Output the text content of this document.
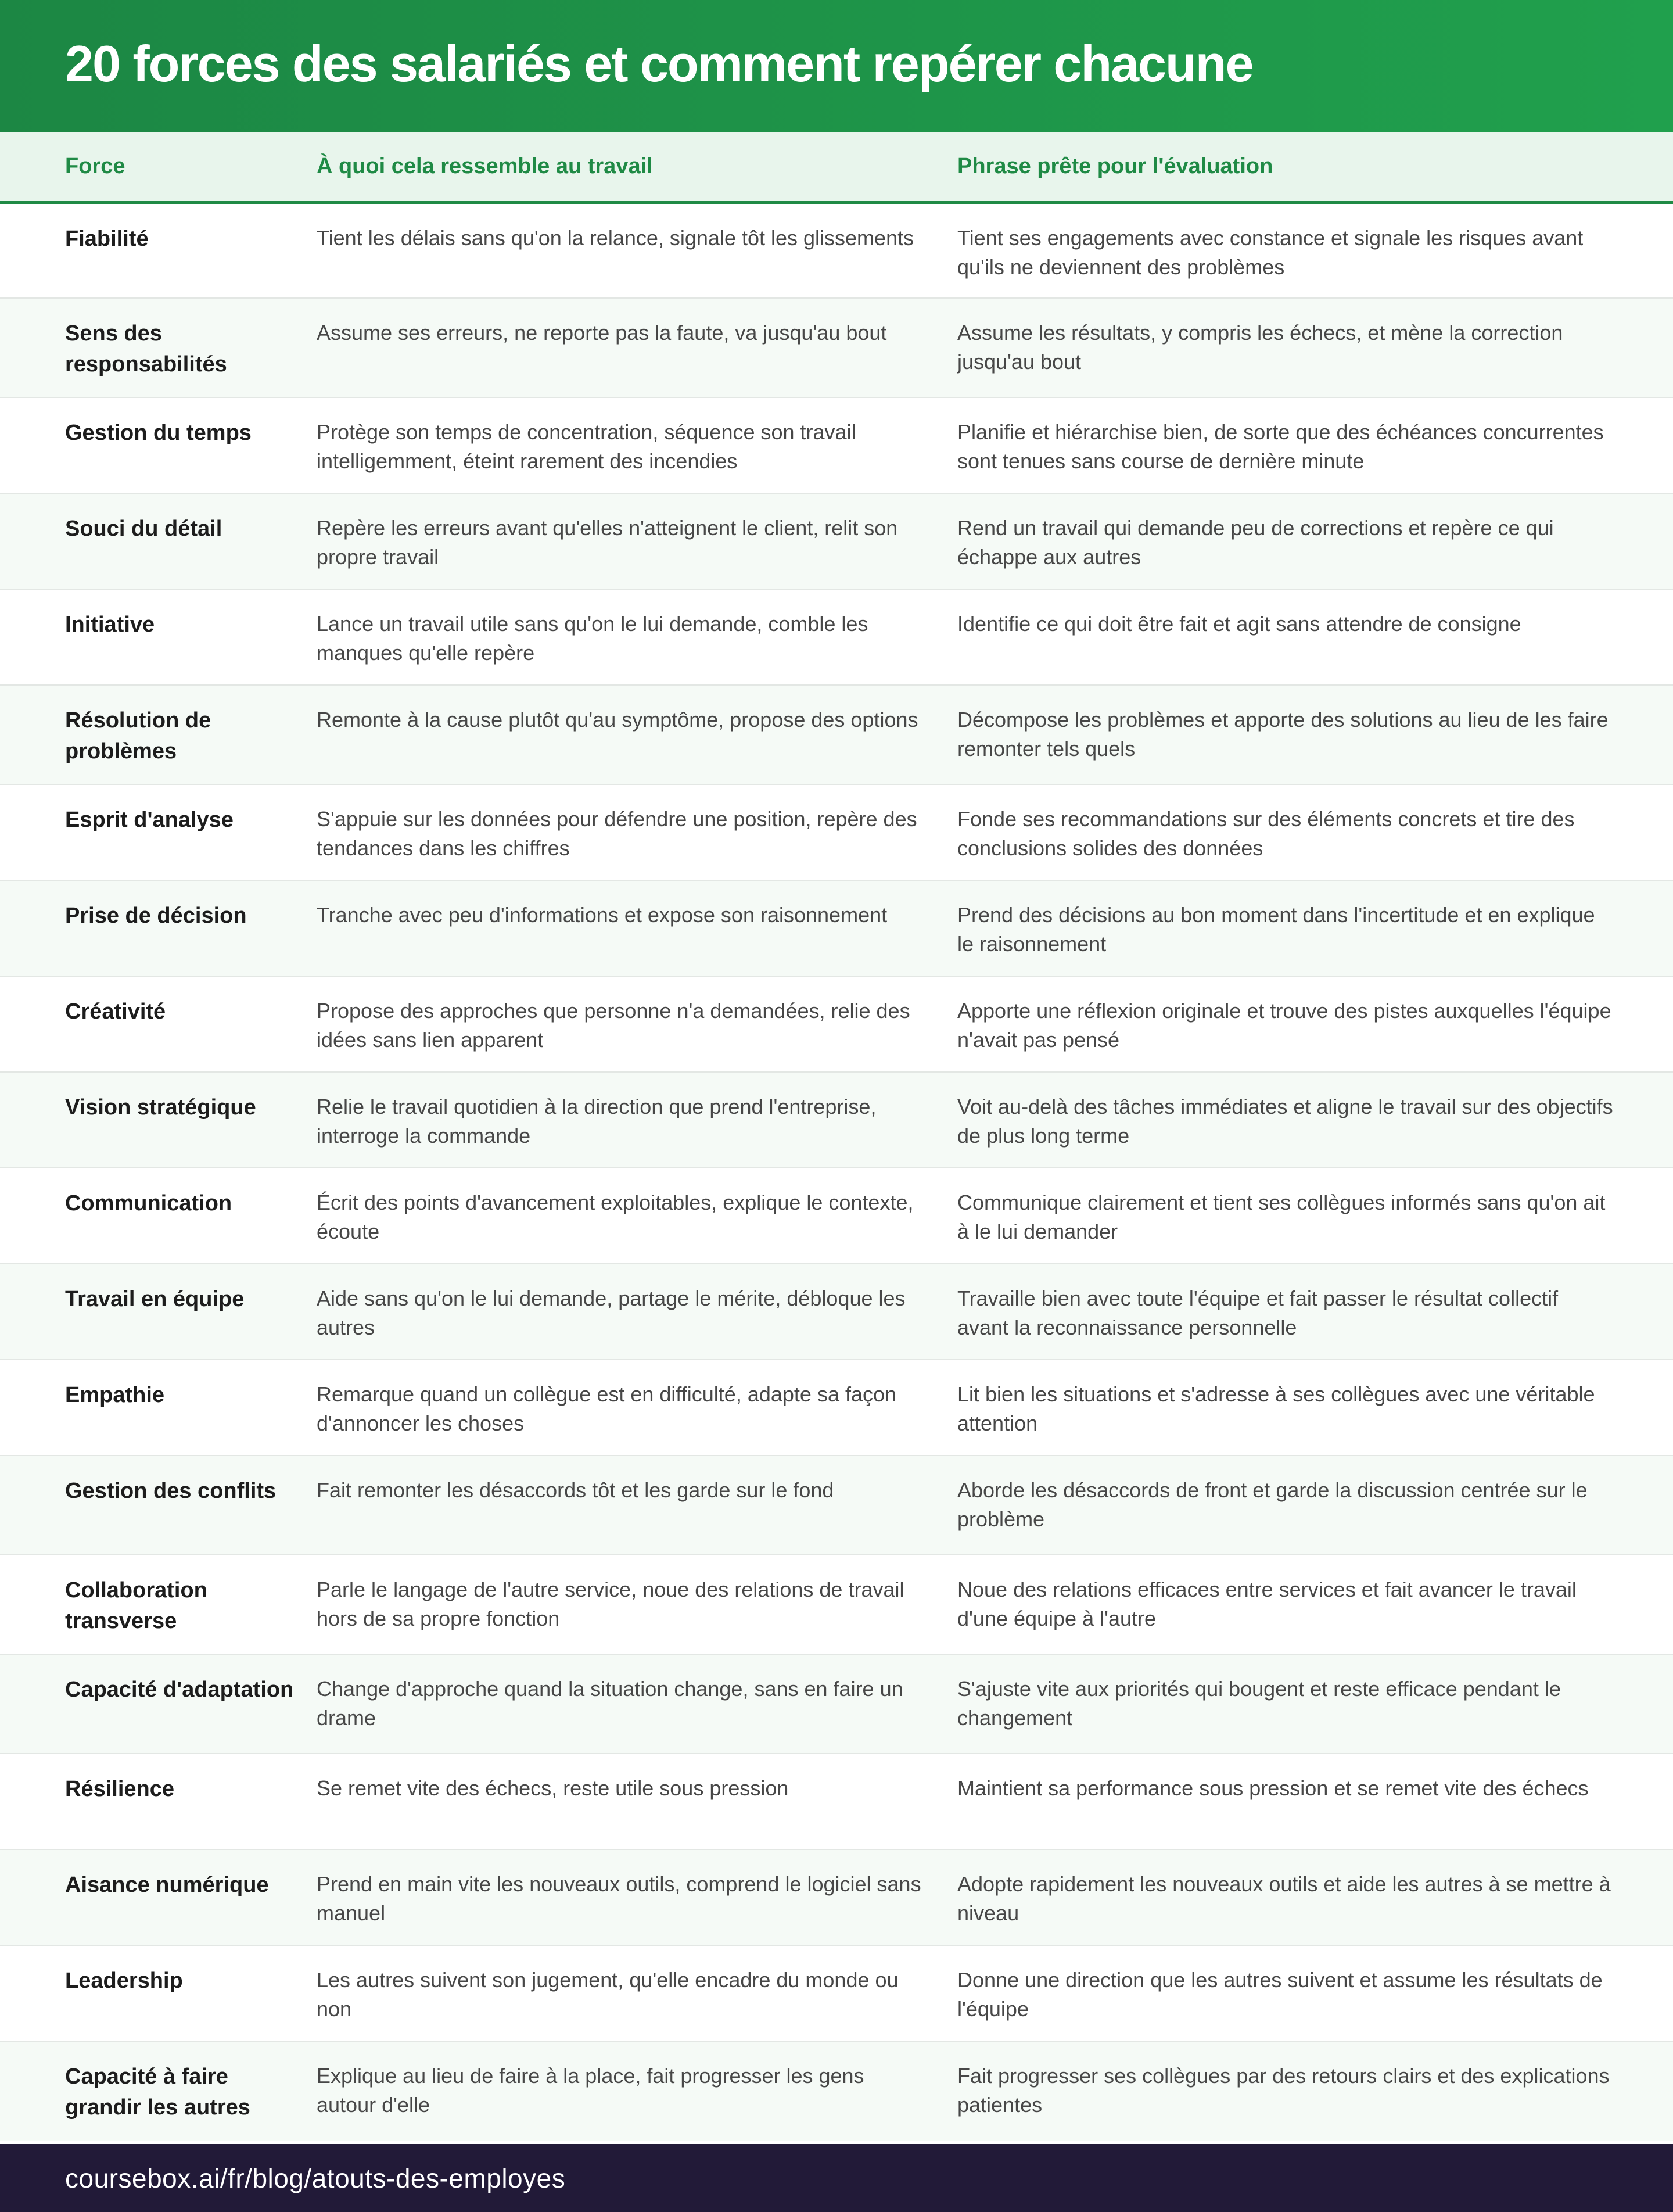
20 forces des salariés et comment repérer chacune
Force	À quoi cela ressemble au travail	Phrase prête pour l'évaluation
Fiabilité	Tient les délais sans qu'on la relance, signale tôt les glissements	Tient ses engagements avec constance et signale les risques avant qu'ils ne deviennent des problèmes
Sens des responsabilités	Assume ses erreurs, ne reporte pas la faute, va jusqu'au bout	Assume les résultats, y compris les échecs, et mène la correction jusqu'au bout
Gestion du temps	Protège son temps de concentration, séquence son travail intelligemment, éteint rarement des incendies	Planifie et hiérarchise bien, de sorte que des échéances concurrentes sont tenues sans course de dernière minute
Souci du détail	Repère les erreurs avant qu'elles n'atteignent le client, relit son propre travail	Rend un travail qui demande peu de corrections et repère ce qui échappe aux autres
Initiative	Lance un travail utile sans qu'on le lui demande, comble les manques qu'elle repère	Identifie ce qui doit être fait et agit sans attendre de consigne
Résolution de problèmes	Remonte à la cause plutôt qu'au symptôme, propose des options	Décompose les problèmes et apporte des solutions au lieu de les faire remonter tels quels
Esprit d'analyse	S'appuie sur les données pour défendre une position, repère des tendances dans les chiffres	Fonde ses recommandations sur des éléments concrets et tire des conclusions solides des données
Prise de décision	Tranche avec peu d'informations et expose son raisonnement	Prend des décisions au bon moment dans l'incertitude et en explique le raisonnement
Créativité	Propose des approches que personne n'a demandées, relie des idées sans lien apparent	Apporte une réflexion originale et trouve des pistes auxquelles l'équipe n'avait pas pensé
Vision stratégique	Relie le travail quotidien à la direction que prend l'entreprise, interroge la commande	Voit au-delà des tâches immédiates et aligne le travail sur des objectifs de plus long terme
Communication	Écrit des points d'avancement exploitables, explique le contexte, écoute	Communique clairement et tient ses collègues informés sans qu'on ait à le lui demander
Travail en équipe	Aide sans qu'on le lui demande, partage le mérite, débloque les autres	Travaille bien avec toute l'équipe et fait passer le résultat collectif avant la reconnaissance personnelle
Empathie	Remarque quand un collègue est en difficulté, adapte sa façon d'annoncer les choses	Lit bien les situations et s'adresse à ses collègues avec une véritable attention
Gestion des conflits	Fait remonter les désaccords tôt et les garde sur le fond	Aborde les désaccords de front et garde la discussion centrée sur le problème
Collaboration transverse	Parle le langage de l'autre service, noue des relations de travail hors de sa propre fonction	Noue des relations efficaces entre services et fait avancer le travail d'une équipe à l'autre
Capacité d'adaptation	Change d'approche quand la situation change, sans en faire un drame	S'ajuste vite aux priorités qui bougent et reste efficace pendant le changement
Résilience	Se remet vite des échecs, reste utile sous pression	Maintient sa performance sous pression et se remet vite des échecs
Aisance numérique	Prend en main vite les nouveaux outils, comprend le logiciel sans manuel	Adopte rapidement les nouveaux outils et aide les autres à se mettre à niveau
Leadership	Les autres suivent son jugement, qu'elle encadre du monde ou non	Donne une direction que les autres suivent et assume les résultats de l'équipe
Capacité à faire grandir les autres	Explique au lieu de faire à la place, fait progresser les gens autour d'elle	Fait progresser ses collègues par des retours clairs et des explications patientes
coursebox.ai/fr/blog/atouts-des-employes
